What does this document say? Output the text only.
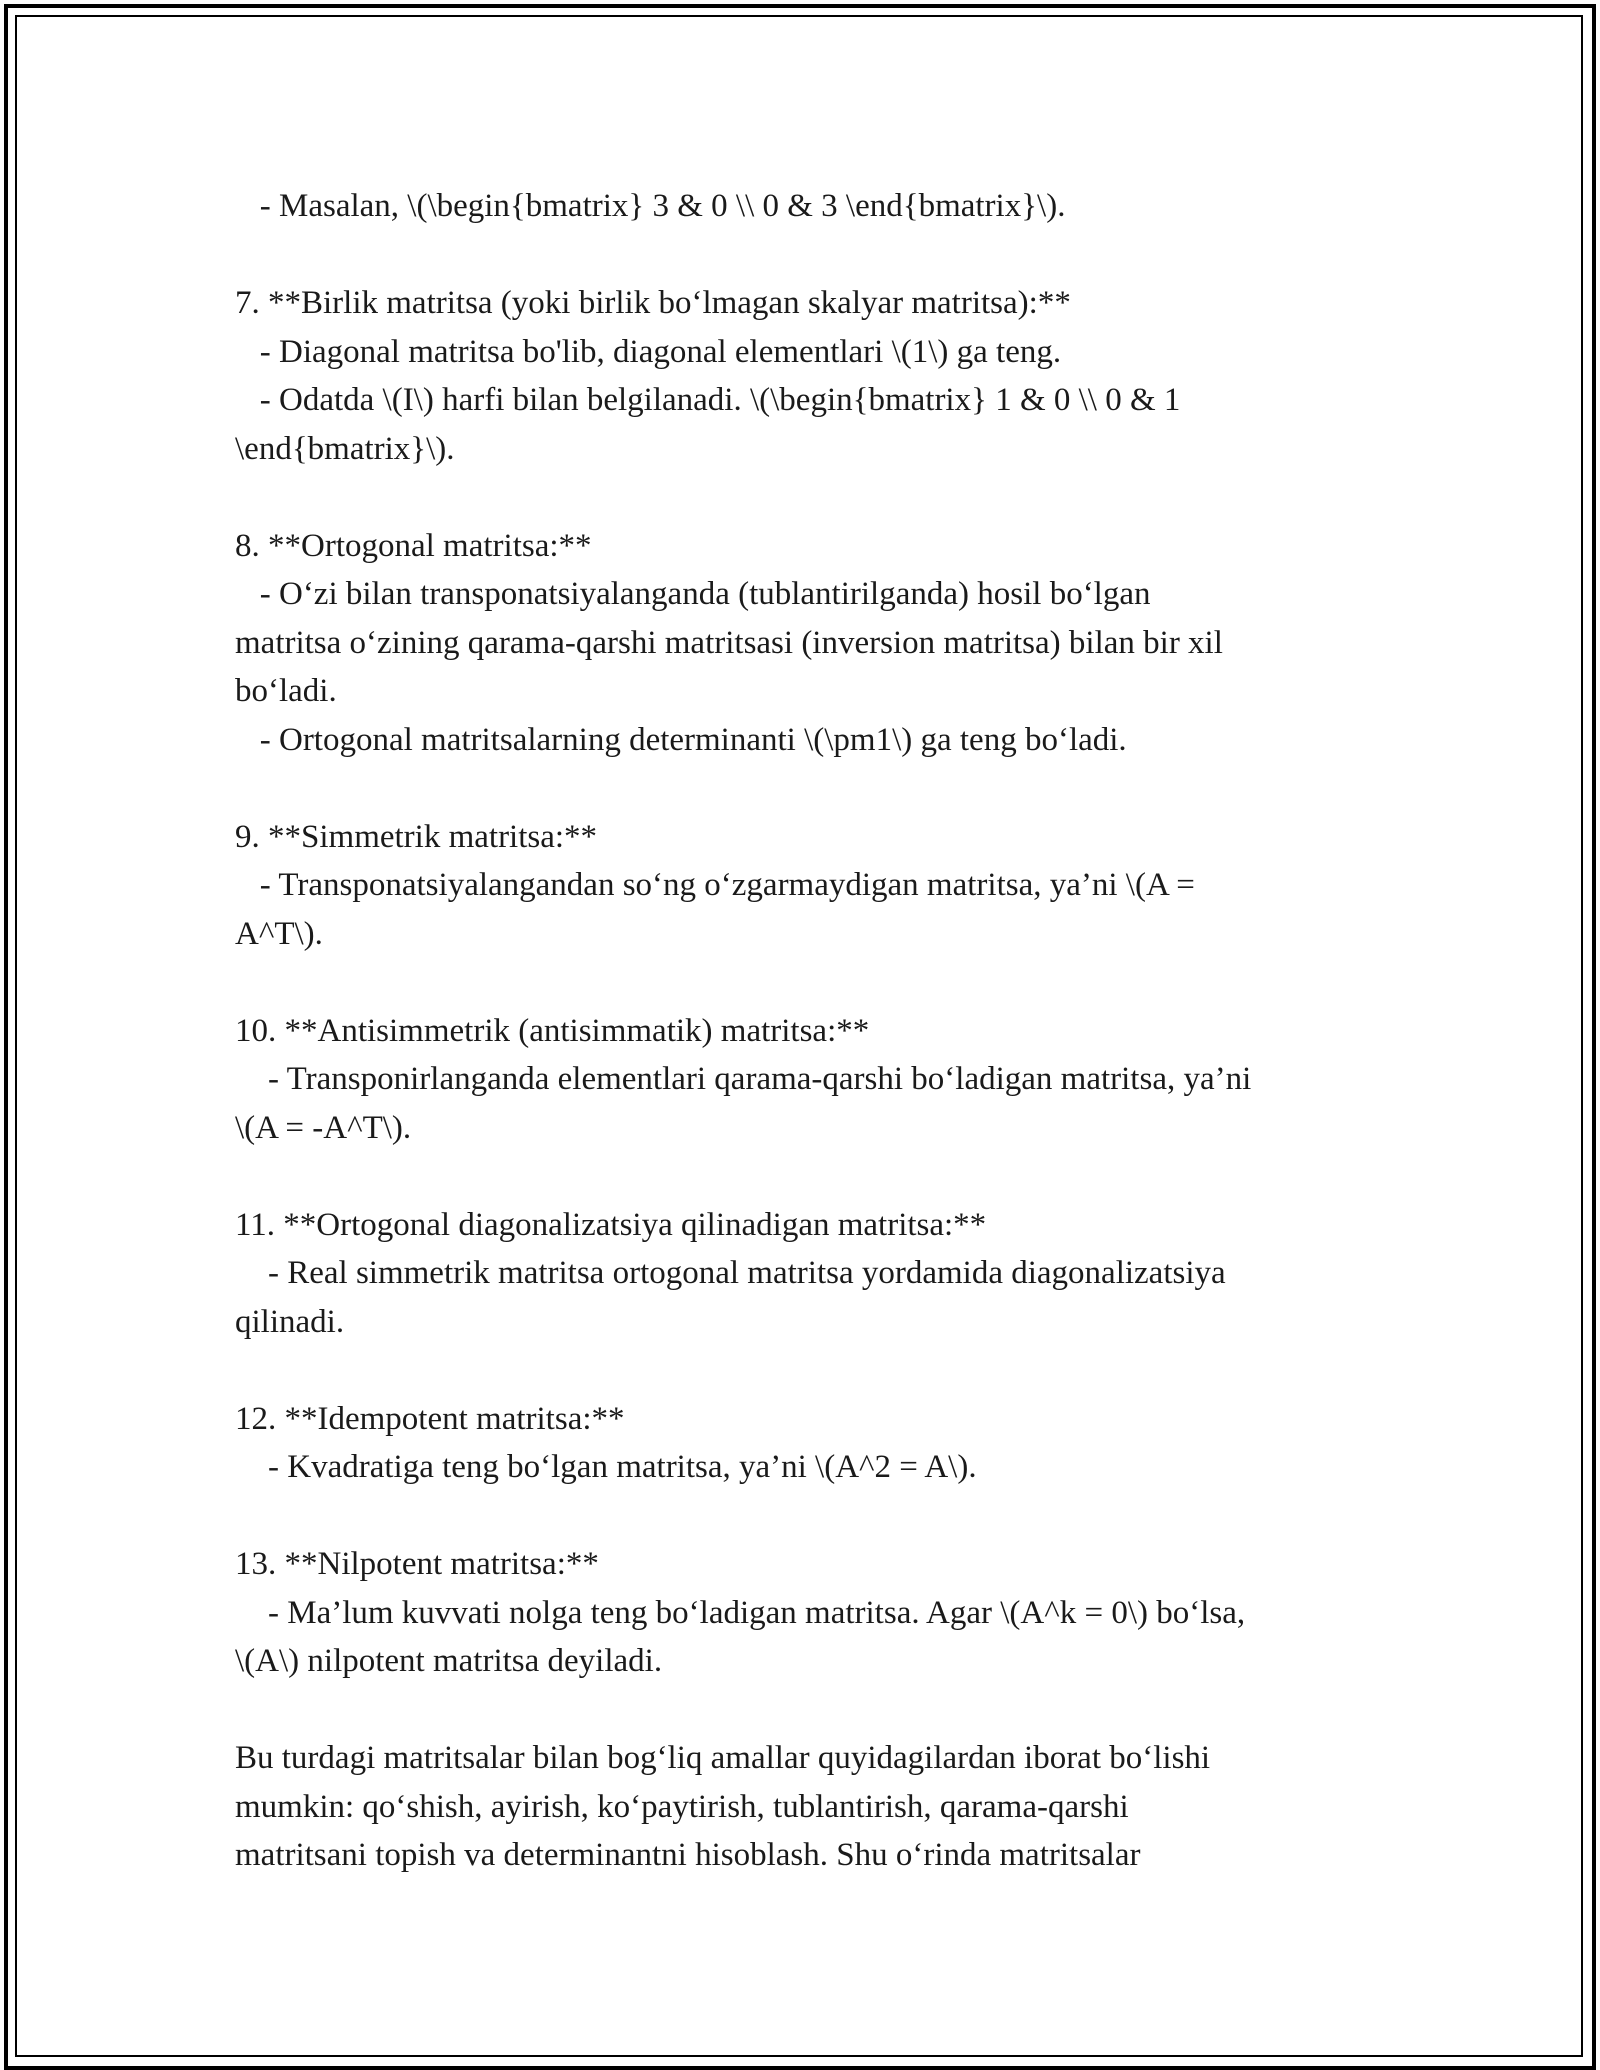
- Masalan, \(\begin{bmatrix} 3 & 0 \\ 0 & 3 \end{bmatrix}\).
7. **Birlik matritsa (yoki birlik bo‘lmagan skalyar matritsa):**
- Diagonal matritsa bo'lib, diagonal elementlari \(1\) ga teng.
- Odatda \(I\) harfi bilan belgilanadi. \(\begin{bmatrix} 1 & 0 \\ 0 & 1
\end{bmatrix}\).
8. **Ortogonal matritsa:**
- O‘zi bilan transponatsiyalanganda (tublantirilganda) hosil bo‘lgan
matritsa o‘zining qarama-qarshi matritsasi (inversion matritsa) bilan bir xil
bo‘ladi.
- Ortogonal matritsalarning determinanti \(\pm1\) ga teng bo‘ladi.
9. **Simmetrik matritsa:**
- Transponatsiyalangandan so‘ng o‘zgarmaydigan matritsa, ya’ni \(A =
A^T\).
10. **Antisimmetrik (antisimmatik) matritsa:**
- Transponirlanganda elementlari qarama-qarshi bo‘ladigan matritsa, ya’ni
\(A = -A^T\).
11. **Ortogonal diagonalizatsiya qilinadigan matritsa:**
- Real simmetrik matritsa ortogonal matritsa yordamida diagonalizatsiya
qilinadi.
12. **Idempotent matritsa:**
- Kvadratiga teng bo‘lgan matritsa, ya’ni \(A^2 = A\).
13. **Nilpotent matritsa:**
- Ma’lum kuvvati nolga teng bo‘ladigan matritsa. Agar \(A^k = 0\) bo‘lsa,
\(A\) nilpotent matritsa deyiladi.
Bu turdagi matritsalar bilan bog‘liq amallar quyidagilardan iborat bo‘lishi
mumkin: qo‘shish, ayirish, ko‘paytirish, tublantirish, qarama-qarshi
matritsani topish va determinantni hisoblash. Shu o‘rinda matritsalar
